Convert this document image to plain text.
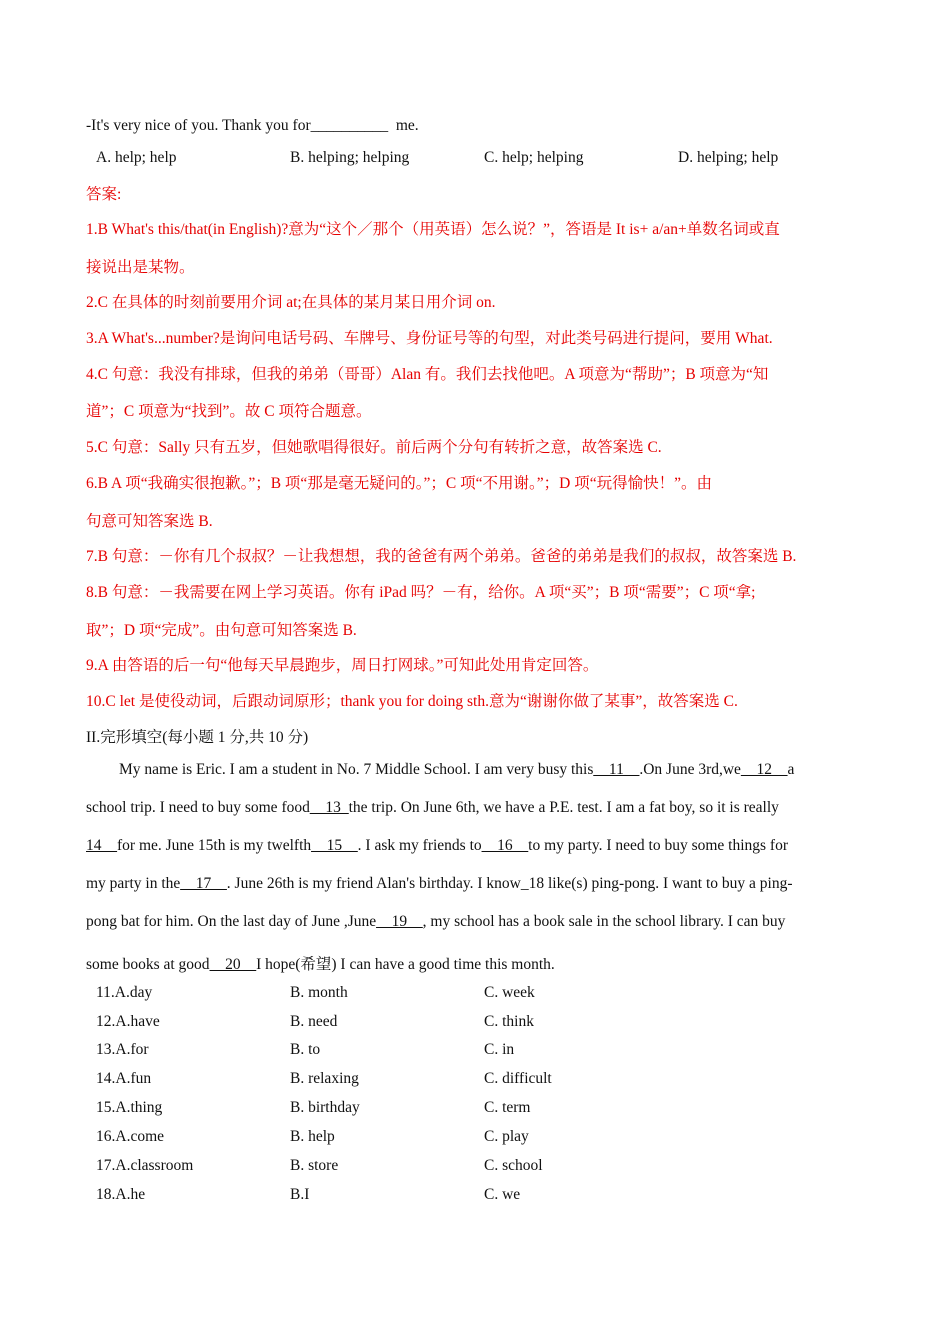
-It's very nice of you. Thank you for__________ me.
A. help; help	B. helping; helping	C. help; helping	D. helping; help
答案:
1.B What's this/that(in English)?意为“这个／那个（用英语）怎么说？”，答语是 It is+ a/an+单数名词或直
接说出是某物。
2.C 在具体的时刻前要用介词 at;在具体的某月某日用介词 on.
3.A What's...number?是询问电话号码、车牌号、身份证号等的句型，对此类号码进行提问，要用 What.
4.C 句意：我没有排球，但我的弟弟（哥哥）Alan 有。我们去找他吧。A 项意为“帮助”；B 项意为“知
道”；C 项意为“找到”。故 C 项符合题意。
5.C 句意：Sally 只有五岁，但她歌唱得很好。前后两个分句有转折之意，故答案选 C.
6.B A 项“我确实很抱歉。”；B 项“那是毫无疑问的。”；C 项“不用谢。”；D 项“玩得愉快！”。由
句意可知答案选 B.
7.B 句意：－你有几个叔叔？－让我想想，我的爸爸有两个弟弟。爸爸的弟弟是我们的叔叔，故答案选 B.
8.B 句意：－我需要在网上学习英语。你有 iPad 吗？－有，给你。A 项“买”；B 项“需要”；C 项“拿;
取”；D 项“完成”。由句意可知答案选 B.
9.A 由答语的后一句“他每天早晨跑步，周日打网球。”可知此处用肯定回答。
10.C let 是使役动词，后跟动词原形；thank you for doing sth.意为“谢谢你做了某事”，故答案选 C.
II.完形填空(每小题 1 分,共 10 分)
My name is Eric. I am a student in No. 7 Middle School. I am very busy this__11__.On June 3rd,we__12__a
school trip. I need to buy some food__13_the trip. On June 6th, we have a P.E. test. I am a fat boy, so it is really
14__for me. June 15th is my twelfth__15__. I ask my friends to__16__to my party. I need to buy some things for
my party in the__17__. June 26th is my friend Alan's birthday. I know_18 like(s) ping-pong. I want to buy a ping-
pong bat for him. On the last day of June ,June__19__, my school has a book sale in the school library. I can buy
some books at good__20__I hope(希望) I can have a good time this month.
11.A.day	B. month	C. week
12.A.have	B. need	C. think
13.A.for	B. to	C. in
14.A.fun	B. relaxing	C. difficult
15.A.thing	B. birthday	C. term
16.A.come	B. help	C. play
17.A.classroom	B. store	C. school
18.A.he	B.I	C. we
